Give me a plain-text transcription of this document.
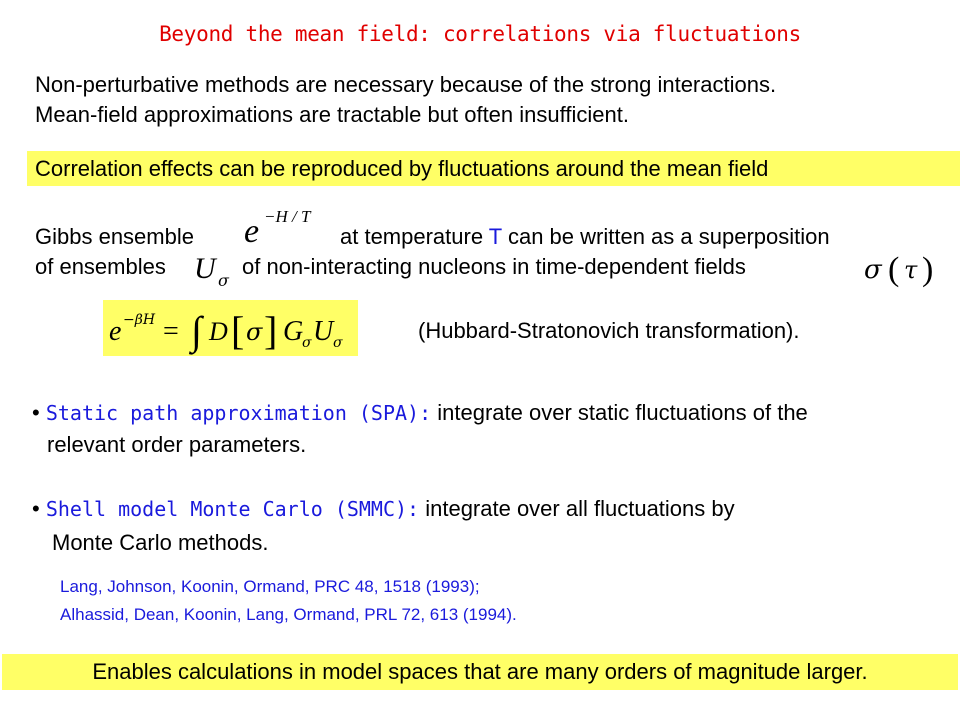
Beyond the mean field: correlations via fluctuations
Non-perturbative methods are necessary because of the strong interactions.
Mean-field approximations are tractable but often insufficient.
Correlation effects can be reproduced by fluctuations around the mean field
Gibbs ensemble e −H / T
at temperature T can be written as a superposition
of ensembles U σ
of non-interacting nucleons in time-dependent fields	σ ( τ )
e −βH = ∫ D [ σ ] G
σ U σ	(Hubbard-Stratonovich transformation).
• Static path approximation (SPA): integrate over static fluctuations of the
relevant order parameters.
• Shell model Monte Carlo (SMMC): integrate over all fluctuations by
Monte Carlo methods.
Lang, Johnson, Koonin, Ormand, PRC 48, 1518 (1993);
Alhassid, Dean, Koonin, Lang, Ormand, PRL 72, 613 (1994).
Enables calculations in model spaces that are many orders of magnitude larger.
